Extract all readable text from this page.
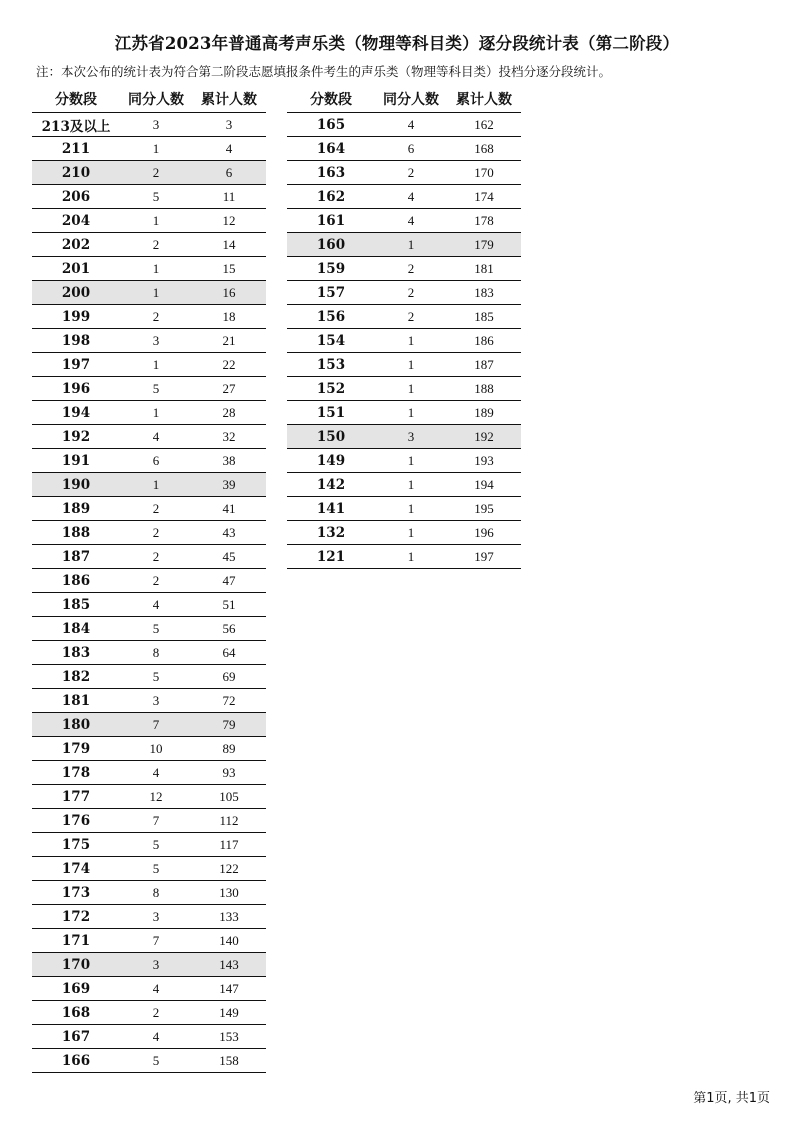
江苏省2023年普通高考声乐类（物理等科目类）逐分段统计表（第二阶段）
注：本次公布的统计表为符合第二阶段志愿填报条件考生的声乐类（物理等科目类）投档分逐分段统计。
分数段	同分人数	累计人数
213及以上	3	3
211	1	4
210	2	6
206	5	11
204	1	12
202	2	14
201	1	15
200	1	16
199	2	18
198	3	21
197	1	22
196	5	27
194	1	28
192	4	32
191	6	38
190	1	39
189	2	41
188	2	43
187	2	45
186	2	47
185	4	51
184	5	56
183	8	64
182	5	69
181	3	72
180	7	79
179	10	89
178	4	93
177	12	105
176	7	112
175	5	117
174	5	122
173	8	130
172	3	133
171	7	140
170	3	143
169	4	147
168	2	149
167	4	153
166	5	158
分数段	同分人数	累计人数
165	4	162
164	6	168
163	2	170
162	4	174
161	4	178
160	1	179
159	2	181
157	2	183
156	2	185
154	1	186
153	1	187
152	1	188
151	1	189
150	3	192
149	1	193
142	1	194
141	1	195
132	1	196
121	1	197
第1页, 共1页
